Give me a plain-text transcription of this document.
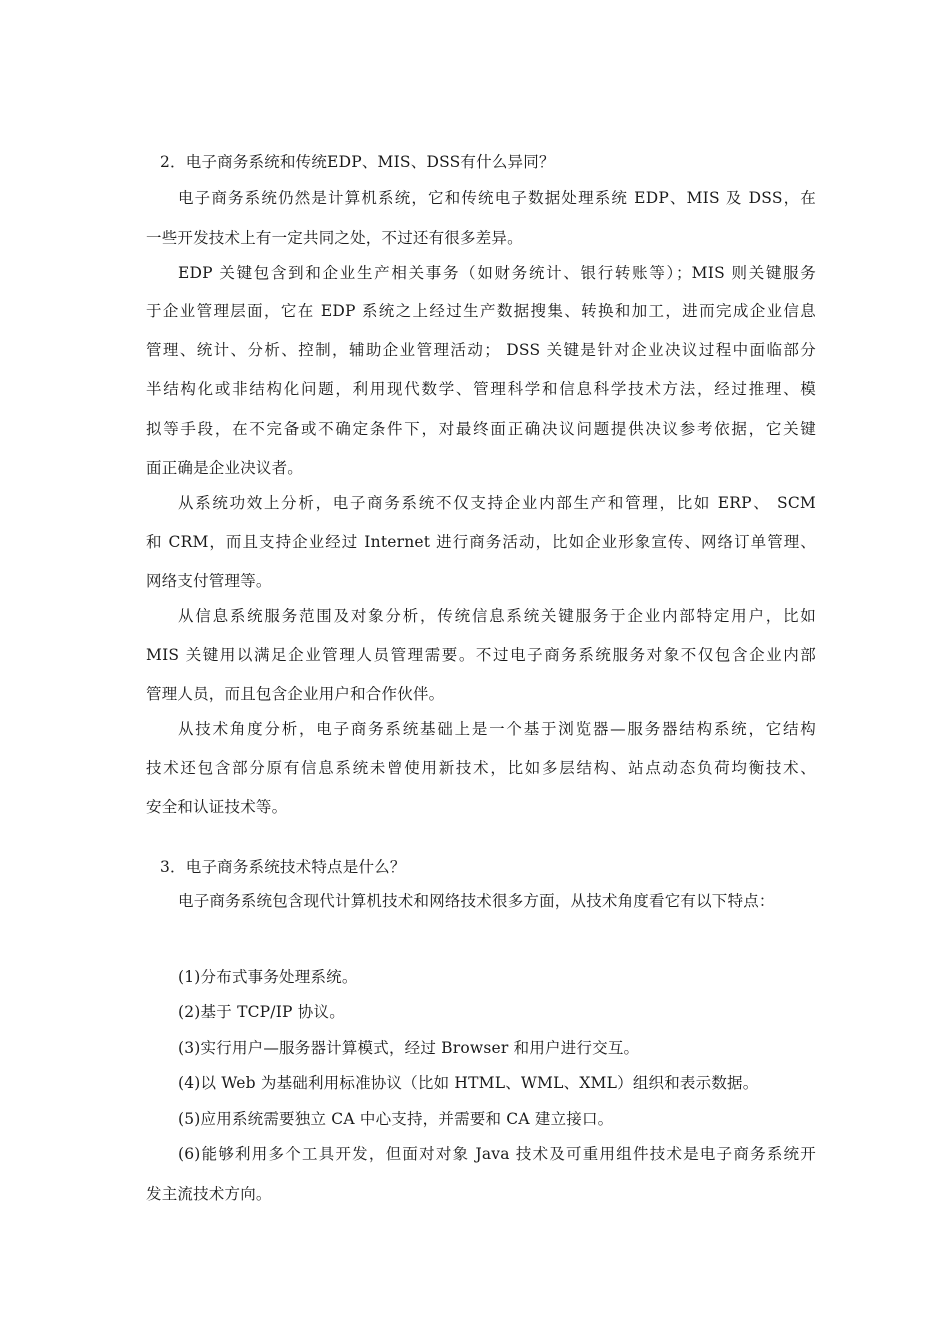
2．电子商务系统和传统EDP、MIS、DSS有什么异同？
电子商务系统仍然是计算机系统，它和传统电子数据处理系统 EDP、MIS 及 DSS，在
一些开发技术上有一定共同之处，不过还有很多差异。
EDP 关键包含到和企业生产相关事务（如财务统计、银行转账等）；MIS 则关键服务
于企业管理层面，它在 EDP 系统之上经过生产数据搜集、转换和加工，进而完成企业信息
管理、统计、分析、控制，辅助企业管理活动； DSS 关键是针对企业决议过程中面临部分
半结构化或非结构化问题，利用现代数学、管理科学和信息科学技术方法，经过推理、模
拟等手段，在不完备或不确定条件下，对最终面正确决议问题提供决议参考依据，它关键
面正确是企业决议者。
从系统功效上分析，电子商务系统不仅支持企业内部生产和管理，比如 ERP、 SCM
和 CRM，而且支持企业经过 Internet 进行商务活动，比如企业形象宣传、网络订单管理、
网络支付管理等。
从信息系统服务范围及对象分析，传统信息系统关键服务于企业内部特定用户，比如
MIS 关键用以满足企业管理人员管理需要。不过电子商务系统服务对象不仅包含企业内部
管理人员，而且包含企业用户和合作伙伴。
从技术角度分析，电子商务系统基础上是一个基于浏览器—服务器结构系统，它结构
技术还包含部分原有信息系统未曾使用新技术，比如多层结构、站点动态负荷均衡技术、
安全和认证技术等。
3．电子商务系统技术特点是什么？
电子商务系统包含现代计算机技术和网络技术很多方面，从技术角度看它有以下特点：
(1)分布式事务处理系统。
(2)基于 TCP/IP 协议。
(3)实行用户—服务器计算模式，经过 Browser 和用户进行交互。
(4)以 Web 为基础利用标准协议（比如 HTML、WML、XML）组织和表示数据。
(5)应用系统需要独立 CA 中心支持，并需要和 CA 建立接口。
(6)能够利用多个工具开发，但面对对象 Java 技术及可重用组件技术是电子商务系统开
发主流技术方向。
